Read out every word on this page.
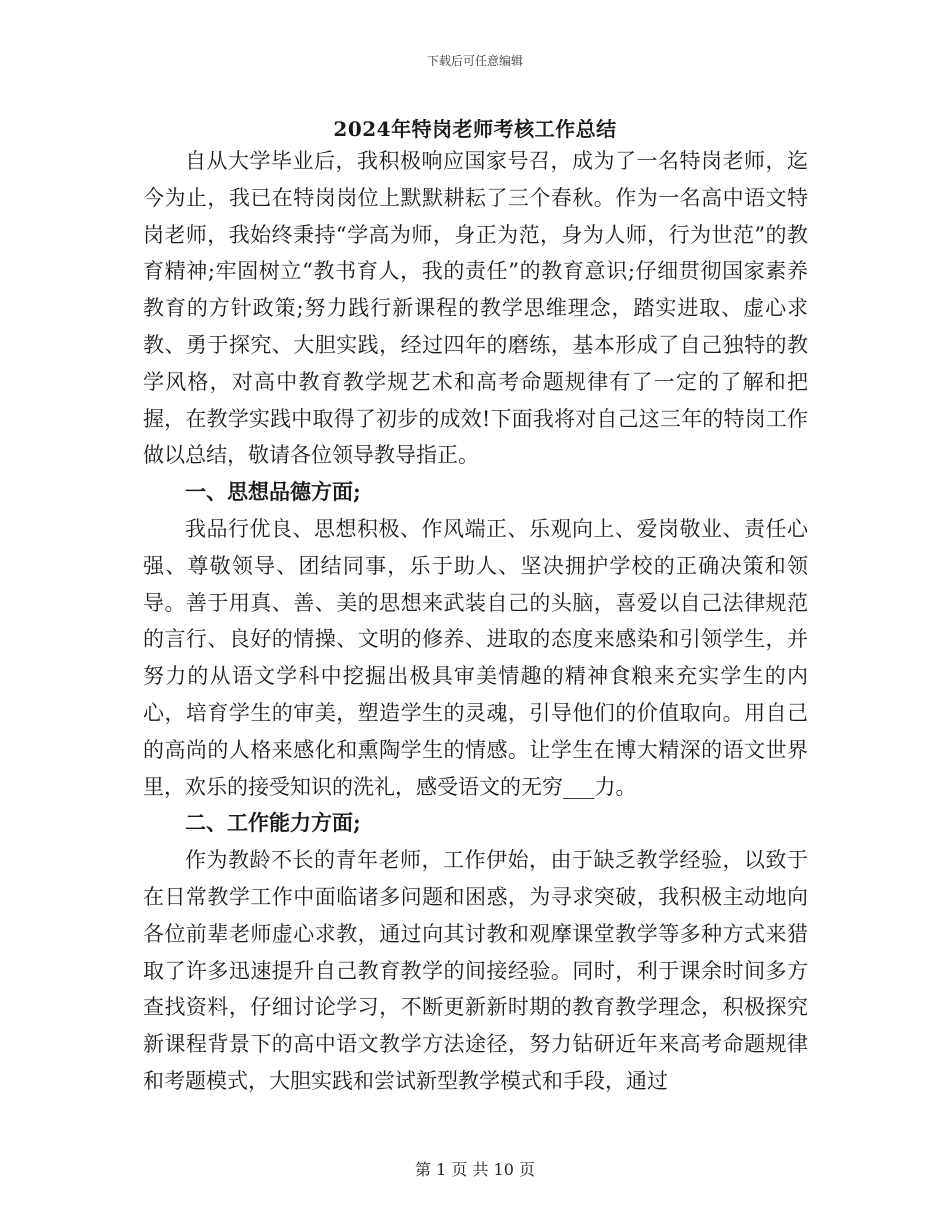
下载后可任意编辑
2024年特岗老师考核工作总结

自从大学毕业后，我积极响应国家号召，成为了一名特岗老师，迄今为止，我已在特岗岗位上默默耕耘了三个春秋。作为一名高中语文特岗老师，我始终秉持“学高为师，身正为范，身为人师，行为世范”的教育精神;牢固树立“教书育人，我的责任”的教育意识;仔细贯彻国家素养教育的方针政策;努力践行新课程的教学思维理念，踏实进取、虚心求教、勇于探究、大胆实践，经过四年的磨练，基本形成了自己独特的教学风格，对高中教育教学规艺术和高考命题规律有了一定的了解和把握，在教学实践中取得了初步的成效!下面我将对自己这三年的特岗工作做以总结，敬请各位领导教导指正。

一、思想品德方面;

我品行优良、思想积极、作风端正、乐观向上、爱岗敬业、责任心强、尊敬领导、团结同事，乐于助人、坚决拥护学校的正确决策和领导。善于用真、善、美的思想来武装自己的头脑，喜爱以自己法律规范的言行、良好的情操、文明的修养、进取的态度来感染和引领学生，并努力的从语文学科中挖掘出极具审美情趣的精神食粮来充实学生的内心，培育学生的审美，塑造学生的灵魂，引导他们的价值取向。用自己的高尚的人格来感化和熏陶学生的情感。让学生在博大精深的语文世界里，欢乐的接受知识的洗礼，感受语文的无穷___力。

二、工作能力方面;

作为教龄不长的青年老师，工作伊始，由于缺乏教学经验，以致于在日常教学工作中面临诸多问题和困惑，为寻求突破，我积极主动地向各位前辈老师虚心求教，通过向其讨教和观摩课堂教学等多种方式来猎取了许多迅速提升自己教育教学的间接经验。同时，利于课余时间多方查找资料，仔细讨论学习，不断更新新时期的教育教学理念，积极探究新课程背景下的高中语文教学方法途径，努力钻研近年来高考命题规律和考题模式，大胆实践和尝试新型教学模式和手段，通过

第 1 页 共 10 页
